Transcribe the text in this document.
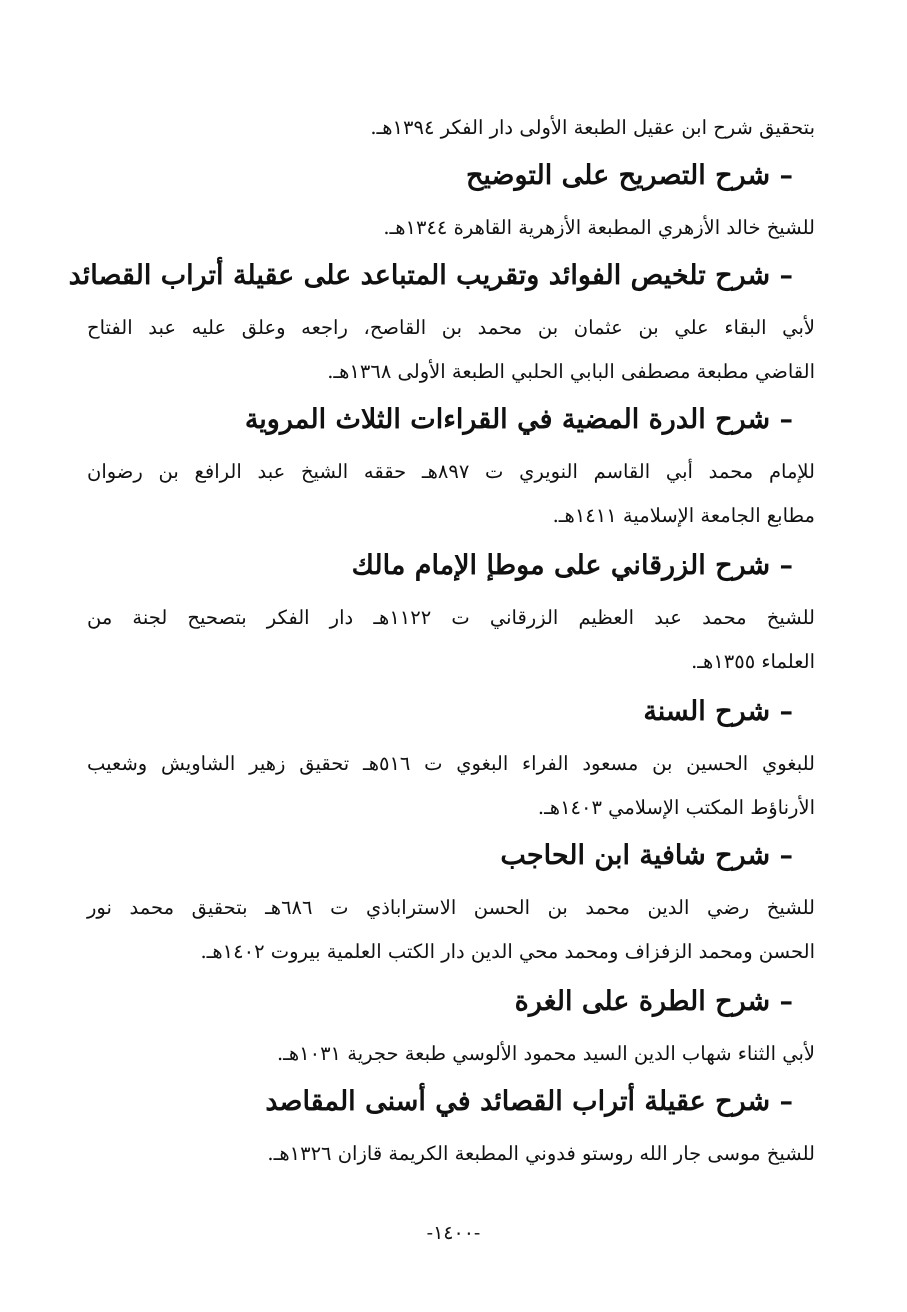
بتحقيق شرح ابن عقيل الطبعة الأولى دار الفكر ١٣٩٤هـ.
– شرح التصريح على التوضيح
للشيخ خالد الأزهري المطبعة الأزهرية القاهرة ١٣٤٤هـ.
– شرح تلخيص الفوائد وتقريب المتباعد على عقيلة أتراب القصائد
لأبي البقاء علي بن عثمان بن محمد بن القاصح، راجعه وعلق عليه عبد الفتاح
القاضي مطبعة مصطفى البابي الحلبي الطبعة الأولى ١٣٦٨هـ.
– شرح الدرة المضية في القراءات الثلاث المروية
للإمام محمد أبي القاسم النويري ت ٨٩٧هـ حققه الشيخ عبد الرافع بن رضوان
مطابع الجامعة الإسلامية ١٤١١هـ.
– شرح الزرقاني على موطإ الإمام مالك
للشيخ محمد عبد العظيم الزرقاني ت ١١٢٢هـ دار الفكر بتصحيح لجنة من
العلماء ١٣٥٥هـ.
– شرح السنة
للبغوي الحسين بن مسعود الفراء البغوي ت ٥١٦هـ تحقيق زهير الشاويش وشعيب
الأرناؤط المكتب الإسلامي ١٤٠٣هـ.
– شرح شافية ابن الحاجب
للشيخ رضي الدين محمد بن الحسن الاستراباذي ت ٦٨٦هـ بتحقيق محمد نور
الحسن ومحمد الزفزاف ومحمد محي الدين دار الكتب العلمية بيروت ١٤٠٢هـ.
– شرح الطرة على الغرة
لأبي الثناء شهاب الدين السيد محمود الألوسي طبعة حجرية ١٠٣١هـ.
– شرح عقيلة أتراب القصائد في أسنى المقاصد
للشيخ موسى جار الله روستو فدوني المطبعة الكريمة قازان ١٣٢٦هـ.
-١٤٠٠-
